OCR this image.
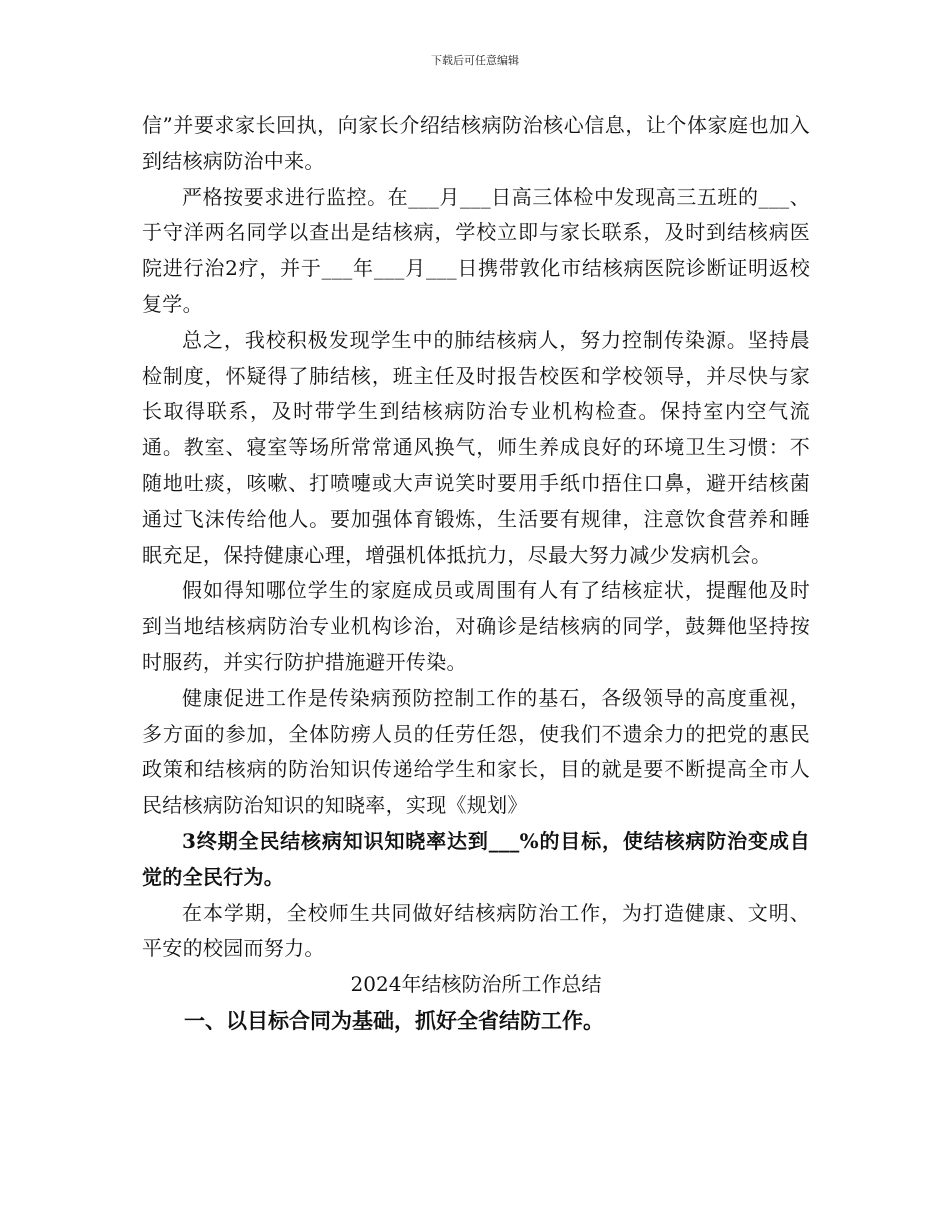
下载后可任意编辑

信”并要求家长回执，向家长介绍结核病防治核心信息，让个体家庭也加入到结核病防治中来。

严格按要求进行监控。在___月___日高三体检中发现高三五班的___、于守洋两名同学以查出是结核病，学校立即与家长联系，及时到结核病医院进行治2疗，并于___年___月___日携带敦化市结核病医院诊断证明返校复学。

总之，我校积极发现学生中的肺结核病人，努力控制传染源。坚持晨检制度，怀疑得了肺结核，班主任及时报告校医和学校领导，并尽快与家长取得联系，及时带学生到结核病防治专业机构检查。保持室内空气流通。教室、寝室等场所常常通风换气，师生养成良好的环境卫生习惯：不随地吐痰，咳嗽、打喷嚏或大声说笑时要用手纸巾捂住口鼻，避开结核菌通过飞沫传给他人。要加强体育锻炼，生活要有规律，注意饮食营养和睡眠充足，保持健康心理，增强机体抵抗力，尽最大努力减少发病机会。

假如得知哪位学生的家庭成员或周围有人有了结核症状，提醒他及时到当地结核病防治专业机构诊治，对确诊是结核病的同学，鼓舞他坚持按时服药，并实行防护措施避开传染。

健康促进工作是传染病预防控制工作的基石，各级领导的高度重视，多方面的参加，全体防痨人员的任劳任怨，使我们不遗余力的把党的惠民政策和结核病的防治知识传递给学生和家长，目的就是要不断提高全市人民结核病防治知识的知晓率，实现《规划》

3终期全民结核病知识知晓率达到___%的目标，使结核病防治变成自觉的全民行为。

在本学期，全校师生共同做好结核病防治工作，为打造健康、文明、平安的校园而努力。

2024年结核防治所工作总结
一、以目标合同为基础，抓好全省结防工作。
